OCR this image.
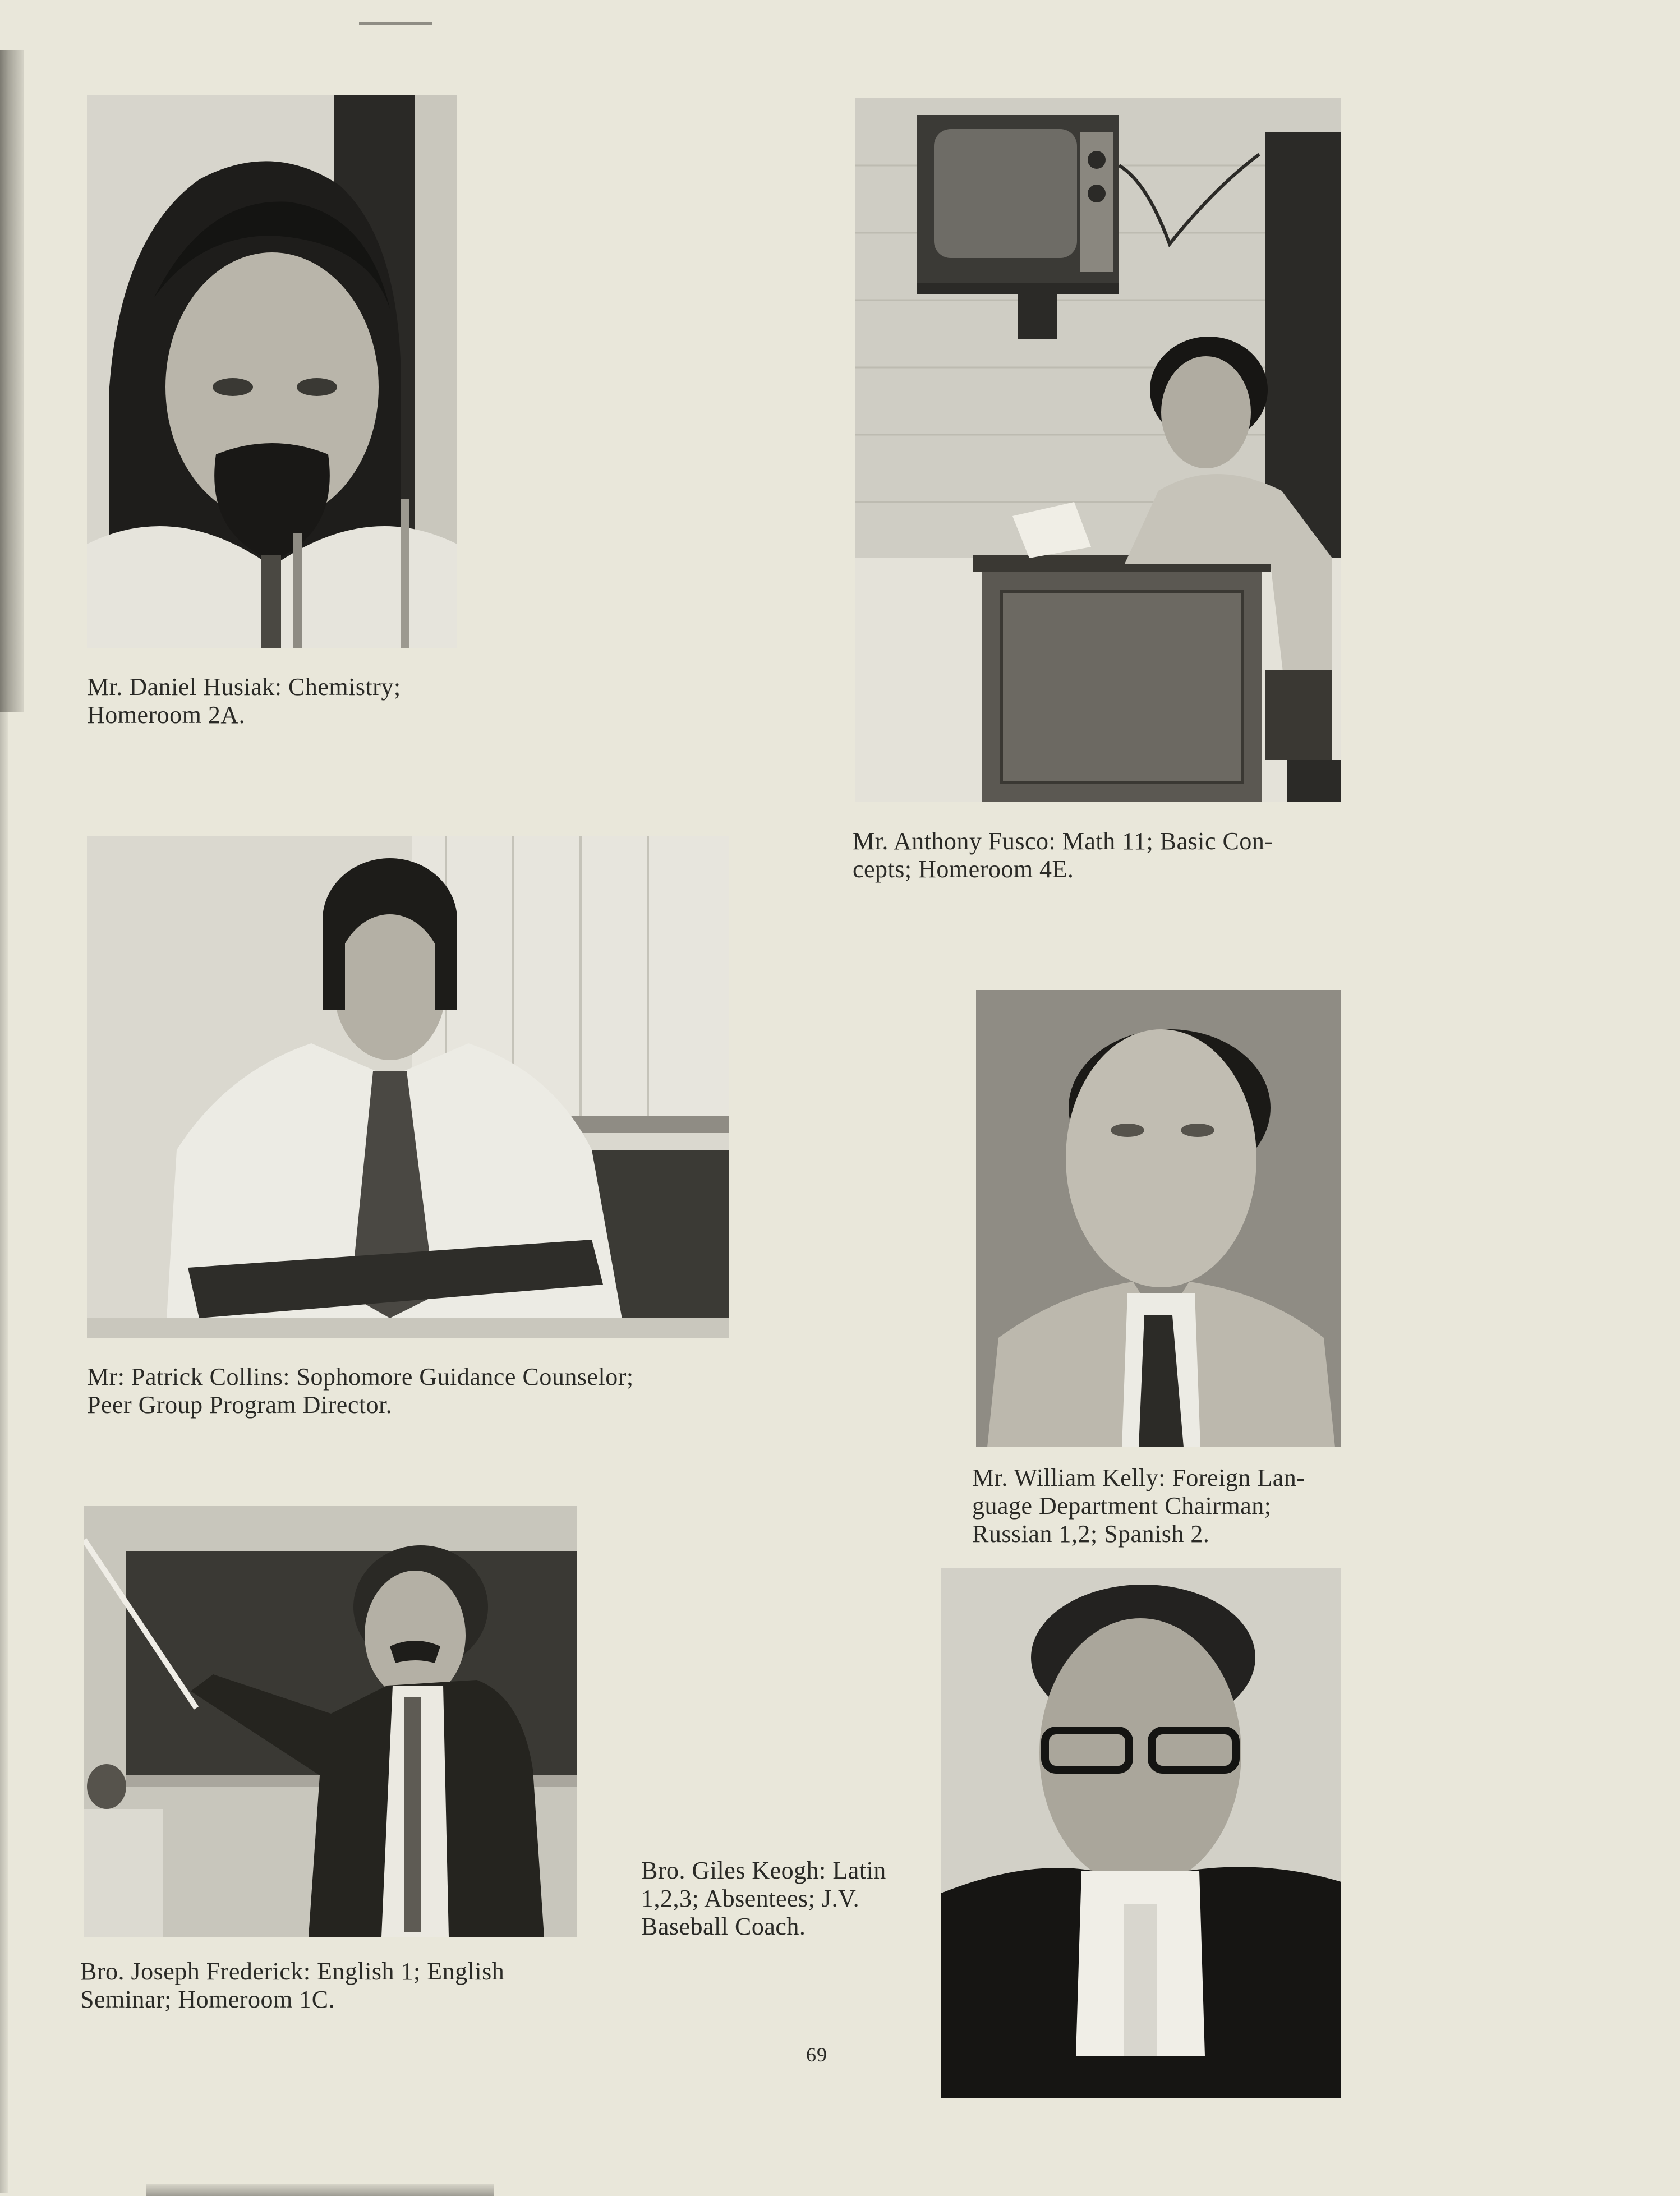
Mr. Daniel Husiak: Chemistry;
Homeroom 2A.

Mr. Anthony Fusco: Math 11; Basic Con-
cepts; Homeroom 4E.

Mr: Patrick Collins: Sophomore Guidance Counselor;
Peer Group Program Director.

Mr. William Kelly: Foreign Lan-
guage Department Chairman;
Russian 1,2; Spanish 2.

Bro. Joseph Frederick: English 1; English
Seminar; Homeroom 1C.

Bro. Giles Keogh: Latin
1,2,3; Absentees; J.V.
Baseball Coach.

69
